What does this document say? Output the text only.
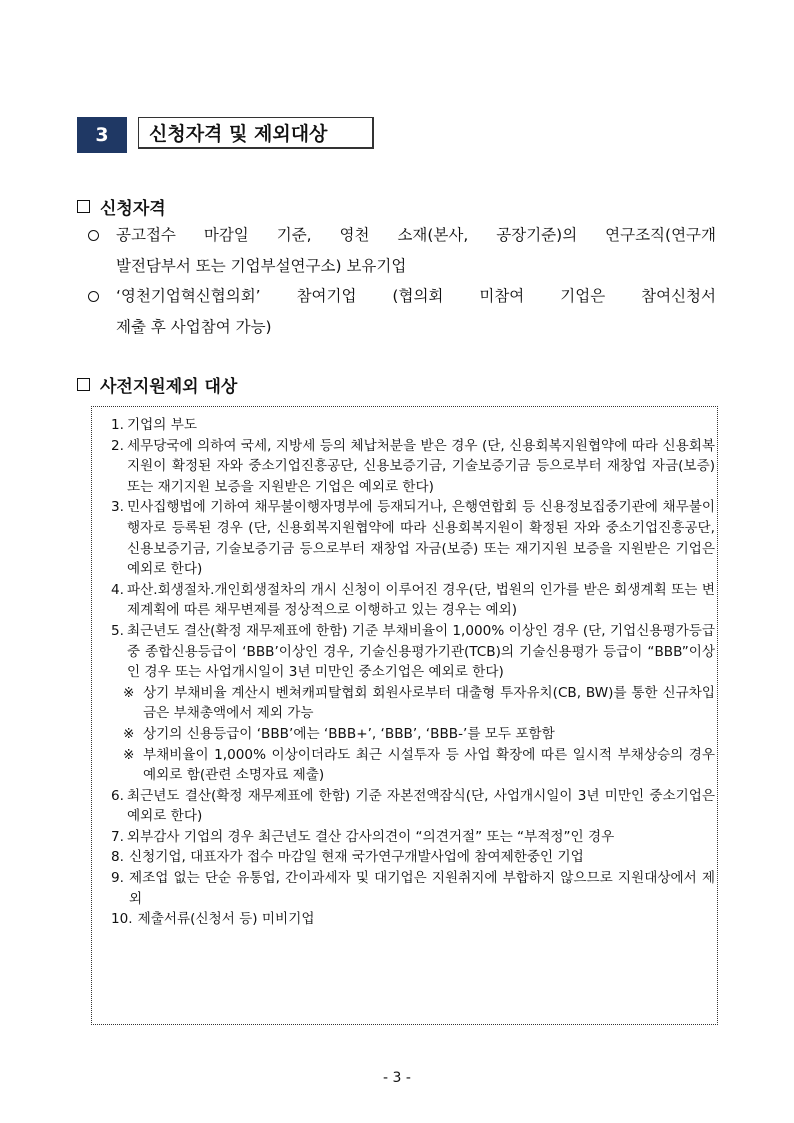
3	신청자격 및 제외대상
신청자격
공고접수 마감일 기준, 영천 소재(본사, 공장기준)의 연구조직(연구개
발전담부서 또는 기업부설연구소) 보유기업
‘영천기업혁신협의회’ 참여기업 (협의회 미참여 기업은 참여신청서
제출 후 사업참여 가능)
사전지원제외 대상
1. 기업의 부도
2. 세무당국에 의하여 국세, 지방세 등의 체납처분을 받은 경우 (단, 신용회복지원협약에 따라 신용회복지원이 확정된 자와 중소기업진흥공단, 신용보증기금, 기술보증기금 등으로부터 재창업 자금(보증) 또는 재기지원 보증을 지원받은 기업은 예외로 한다)
3. 민사집행법에 기하여 채무불이행자명부에 등재되거나, 은행연합회 등 신용정보집중기관에 채무불이행자로 등록된 경우 (단, 신용회복지원협약에 따라 신용회복지원이 확정된 자와 중소기업진흥공단, 신용보증기금, 기술보증기금 등으로부터 재창업 자금(보증) 또는 재기지원 보증을 지원받은 기업은 예외로 한다)
4. 파산.회생절차.개인회생절차의 개시 신청이 이루어진 경우(단, 법원의 인가를 받은 회생계획 또는 변제계획에 따른 채무변제를 정상적으로 이행하고 있는 경우는 예외)
5. 최근년도 결산(확정 재무제표에 한함) 기준 부채비율이 1,000% 이상인 경우 (단, 기업신용평가등급 중 종합신용등급이 ‘BBB’이상인 경우, 기술신용평가기관(TCB)의 기술신용평가 등급이 “BBB”이상인 경우 또는 사업개시일이 3년 미만인 중소기업은 예외로 한다)
※ 상기 부채비율 계산시 벤쳐캐피탈협회 회원사로부터 대출형 투자유치(CB, BW)를 통한 신규차입금은 부채총액에서 제외 가능
※ 상기의 신용등급이 ‘BBB’에는 ‘BBB+’, ‘BBB’, ‘BBB-’를 모두 포함함
※ 부채비율이 1,000% 이상이더라도 최근 시설투자 등 사업 확장에 따른 일시적 부채상승의 경우 예외로 함(관련 소명자료 제출)
6. 최근년도 결산(확정 재무제표에 한함) 기준 자본전액잠식(단, 사업개시일이 3년 미만인 중소기업은 예외로 한다)
7. 외부감사 기업의 경우 최근년도 결산 감사의견이 “의견거절” 또는 “부적정”인 경우
8. 신청기업, 대표자가 접수 마감일 현재 국가연구개발사업에 참여제한중인 기업
9. 제조업 없는 단순 유통업, 간이과세자 및 대기업은 지원취지에 부합하지 않으므로 지원대상에서 제외
10. 제출서류(신청서 등) 미비기업
- 3 -
